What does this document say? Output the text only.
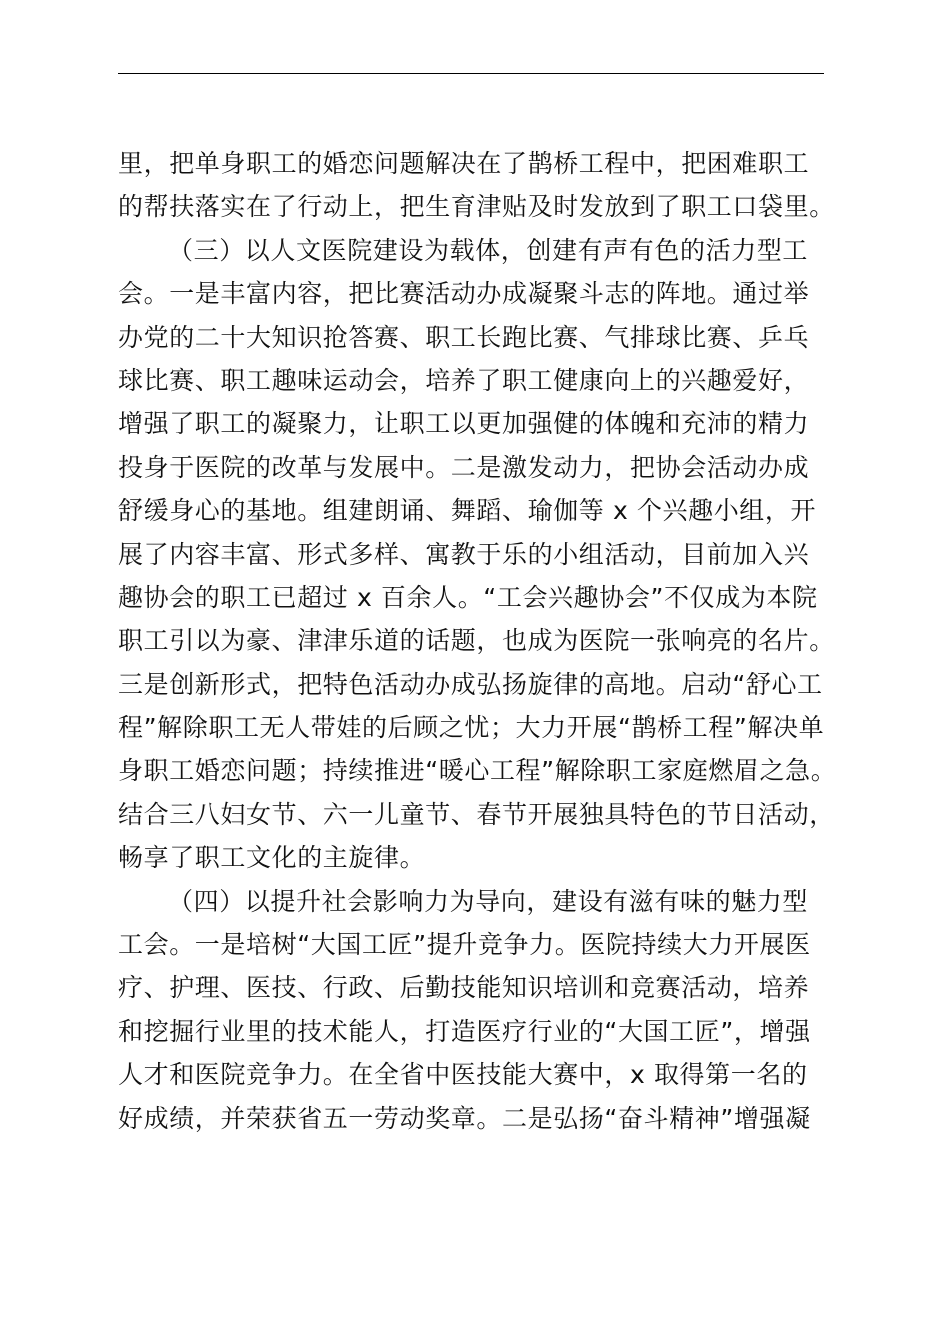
里，把单身职工的婚恋问题解决在了鹊桥工程中，把困难职工
的帮扶落实在了行动上，把生育津贴及时发放到了职工口袋里。
（三）以人文医院建设为载体，创建有声有色的活力型工
会。一是丰富内容，把比赛活动办成凝聚斗志的阵地。通过举
办党的二十大知识抢答赛、职工长跑比赛、气排球比赛、乒乓
球比赛、职工趣味运动会，培养了职工健康向上的兴趣爱好，
增强了职工的凝聚力，让职工以更加强健的体魄和充沛的精力
投身于医院的改革与发展中。二是激发动力，把协会活动办成
舒缓身心的基地。组建朗诵、舞蹈、瑜伽等 x 个兴趣小组，开
展了内容丰富、形式多样、寓教于乐的小组活动，目前加入兴
趣协会的职工已超过 x 百余人。“工会兴趣协会”不仅成为本院
职工引以为豪、津津乐道的话题，也成为医院一张响亮的名片。
三是创新形式，把特色活动办成弘扬旋律的高地。启动“舒心工
程”解除职工无人带娃的后顾之忧；大力开展“鹊桥工程”解决单
身职工婚恋问题；持续推进“暖心工程”解除职工家庭燃眉之急。
结合三八妇女节、六一儿童节、春节开展独具特色的节日活动，
畅享了职工文化的主旋律。
（四）以提升社会影响力为导向，建设有滋有味的魅力型
工会。一是培树“大国工匠”提升竞争力。医院持续大力开展医
疗、护理、医技、行政、后勤技能知识培训和竞赛活动，培养
和挖掘行业里的技术能人，打造医疗行业的“大国工匠”，增强
人才和医院竞争力。在全省中医技能大赛中，x 取得第一名的
好成绩，并荣获省五一劳动奖章。二是弘扬“奋斗精神”增强凝
